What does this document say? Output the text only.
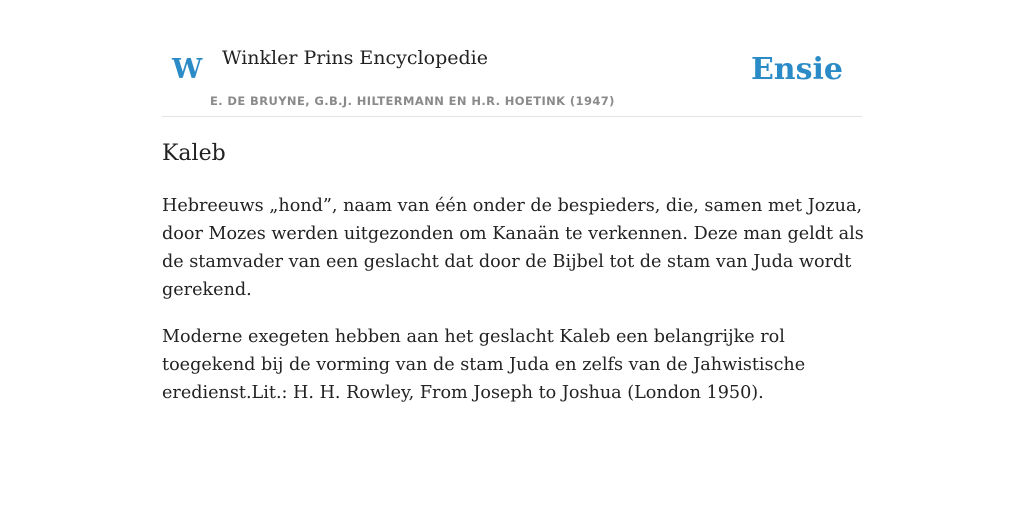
W Winkler Prins Encyclopedie
E. DE BRUYNE, G.B.J. HILTERMANN EN H.R. HOETINK (1947)
Ensie
Kaleb

Hebreeuws „hond”, naam van één onder de bespieders, die, samen met Jozua, door Mozes werden uitgezonden om Kanaän te verkennen. Deze man geldt als de stamvader van een geslacht dat door de Bijbel tot de stam van Juda wordt gerekend.

Moderne exegeten hebben aan het geslacht Kaleb een belangrijke rol toegekend bij de vorming van de stam Juda en zelfs van de Jahwistische eredienst.Lit.: H. H. Rowley, From Joseph to Joshua (London 1950).
